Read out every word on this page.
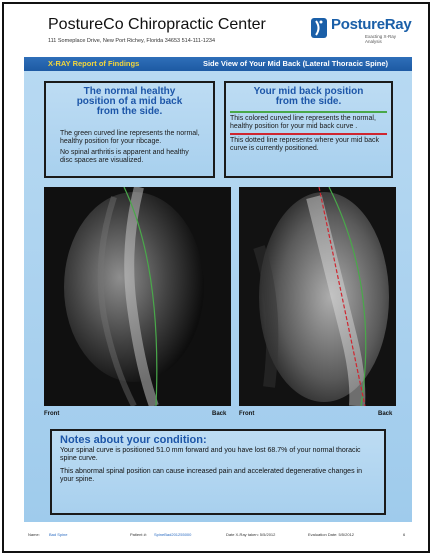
PostureCo Chiropractic Center
111 Someplace Drive, New Port Richey, Florida 34653 514-111-1234
PostureRay
Exacting X-Ray Analysis
X-RAY Report of Findings	Side View of Your Mid Back (Lateral Thoracic Spine)
The normal healthy position of a mid back from the side.
The green curved line represents the normal, healthy position for your ribcage.
No spinal arthritis is apparent and healthy disc spaces are visualized.
Your mid back position from the side.
This colored curved line represents the normal, healthy position for your mid back curve .
This dotted line represents where your mid back curve is currently positioned.
Front	Back Front	Back
Notes about your condition:
Your spinal curve is positioned 51.0 mm forward and you have lost 68.7% of your normal thoracic spine curve.
This abnormal spinal position can cause increased pain and accelerated degenerative changes in your spine.
Name: Bad Spine	Patient #: SpineBad201255000	Date X-Ray taken: 5/5/2012	Evaluation Date: 5/5/2012	6
